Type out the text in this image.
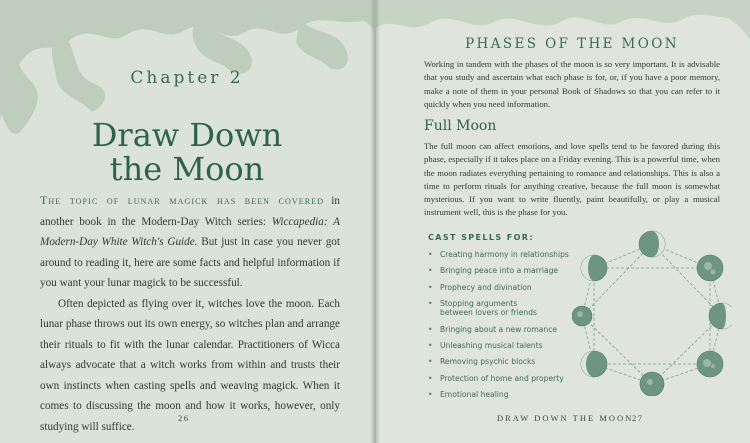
Chapter 2
Draw Down
the Moon

The topic of lunar magick has been covered in another book in the Modern-Day Witch series: Wiccapedia: A Modern-Day White Witch's Guide. But just in case you never got around to reading it, here are some facts and helpful information if you want your lunar magick to be successful.

Often depicted as flying over it, witches love the moon. Each lunar phase throws out its own energy, so witches plan and arrange their rituals to fit with the lunar calendar. Practitioners of Wicca always advocate that a witch works from within and trusts their own instincts when casting spells and weaving magick. When it comes to discussing the moon and how it works, however, only studying will suffice.

26
PHASES OF THE MOON
Working in tandem with the phases of the moon is so very important. It is advisable that you study and ascertain what each phase is for, or, if you have a poor memory, make a note of them in your personal Book of Shadows so that you can refer to it quickly when you need information.
Full Moon
The full moon can affect emotions, and love spells tend to be favored during this phase, especially if it takes place on a Friday evening. This is a powerful time, when the moon radiates everything pertaining to romance and relationships. This is also a time to perform rituals for anything creative, because the full moon is somewhat mysterious. If you want to write fluently, paint beautifully, or play a musical instrument well, this is the phase for you.
CAST SPELLS FOR:
• Creating harmony in relationships
• Bringing peace into a marriage
• Prophecy and divination
• Stopping arguments between lovers or friends
• Bringing about a new romance
• Unleashing musical talents
• Removing psychic blocks
• Protection of home and property
• Emotional healing
DRAW DOWN THE MOON
27
